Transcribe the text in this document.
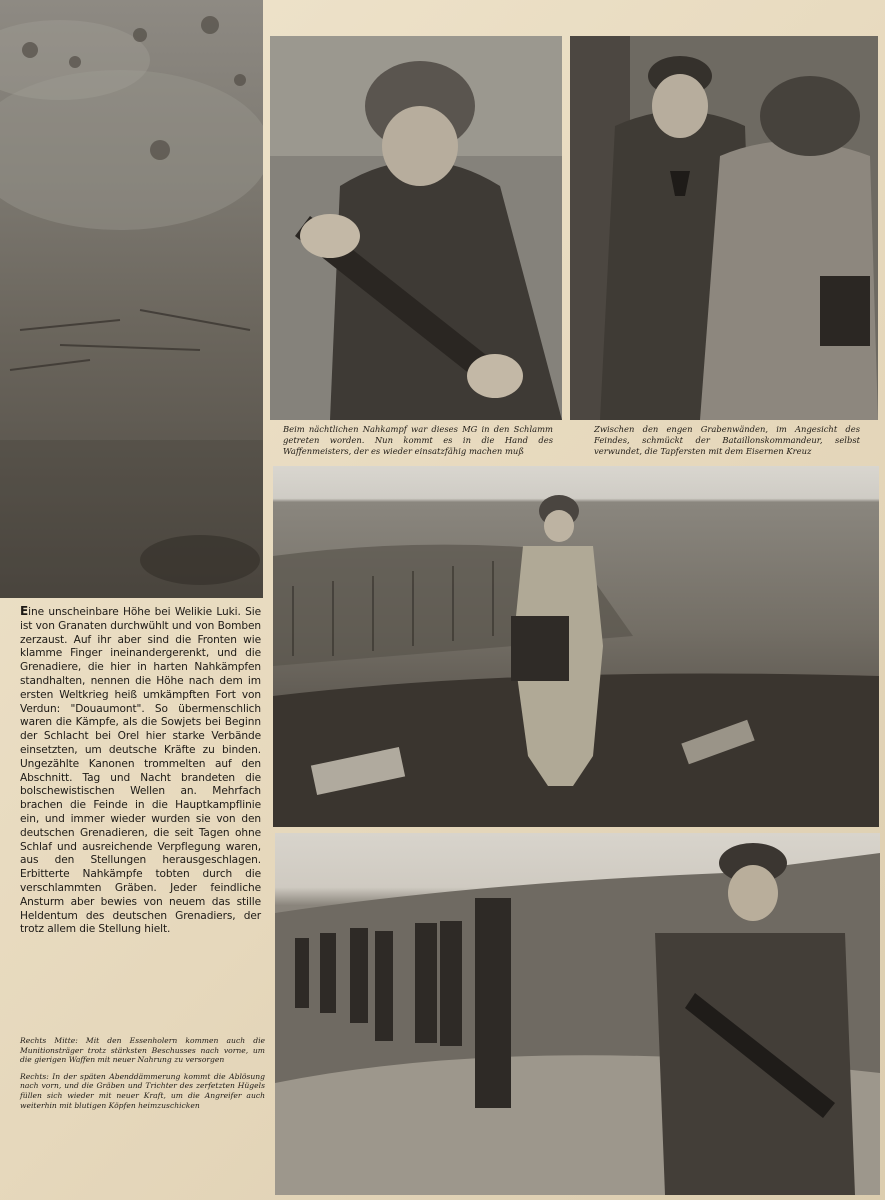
Beim nächtlichen Nahkampf war dieses MG in den Schlamm getreten worden. Nun kommt es in die Hand des Waffenmeisters, der es wieder einsatzfähig machen muß

Zwischen den engen Grabenwänden, im Angesicht des Feindes, schmückt der Bataillonskommandeur, selbst verwundet, die Tapfersten mit dem Eisernen Kreuz

Eine unscheinbare Höhe bei Welikie Luki. Sie ist von Granaten durchwühlt und von Bomben zerzaust. Auf ihr aber sind die Fronten wie klamme Finger ineinandergerenkt, und die Grenadiere, die hier in harten Nahkämpfen standhalten, nennen die Höhe nach dem im ersten Weltkrieg heiß umkämpften Fort von Verdun: "Douaumont". So übermenschlich waren die Kämpfe, als die Sowjets bei Beginn der Schlacht bei Orel hier starke Verbände einsetzten, um deutsche Kräfte zu binden. Ungezählte Kanonen trommelten auf den Abschnitt. Tag und Nacht brandeten die bolschewistischen Wellen an. Mehrfach brachen die Feinde in die Hauptkampflinie ein, und immer wieder wurden sie von den deutschen Grenadieren, die seit Tagen ohne Schlaf und ausreichende Verpflegung waren, aus den Stellungen herausgeschlagen. Erbitterte Nahkämpfe tobten durch die verschlammten Gräben. Jeder feindliche Ansturm aber bewies von neuem das stille Heldentum des deutschen Grenadiers, der trotz allem die Stellung hielt.

Rechts Mitte: Mit den Essenholern kommen auch die Munitionsträger trotz stärksten Beschusses nach vorne, um die gierigen Waffen mit neuer Nahrung zu versorgen

Rechts: In der späten Abenddämmerung kommt die Ablösung nach vorn, und die Gräben und Trichter des zerfetzten Hügels füllen sich wieder mit neuer Kraft, um die Angreifer auch weiterhin mit blutigen Köpfen heimzuschicken
